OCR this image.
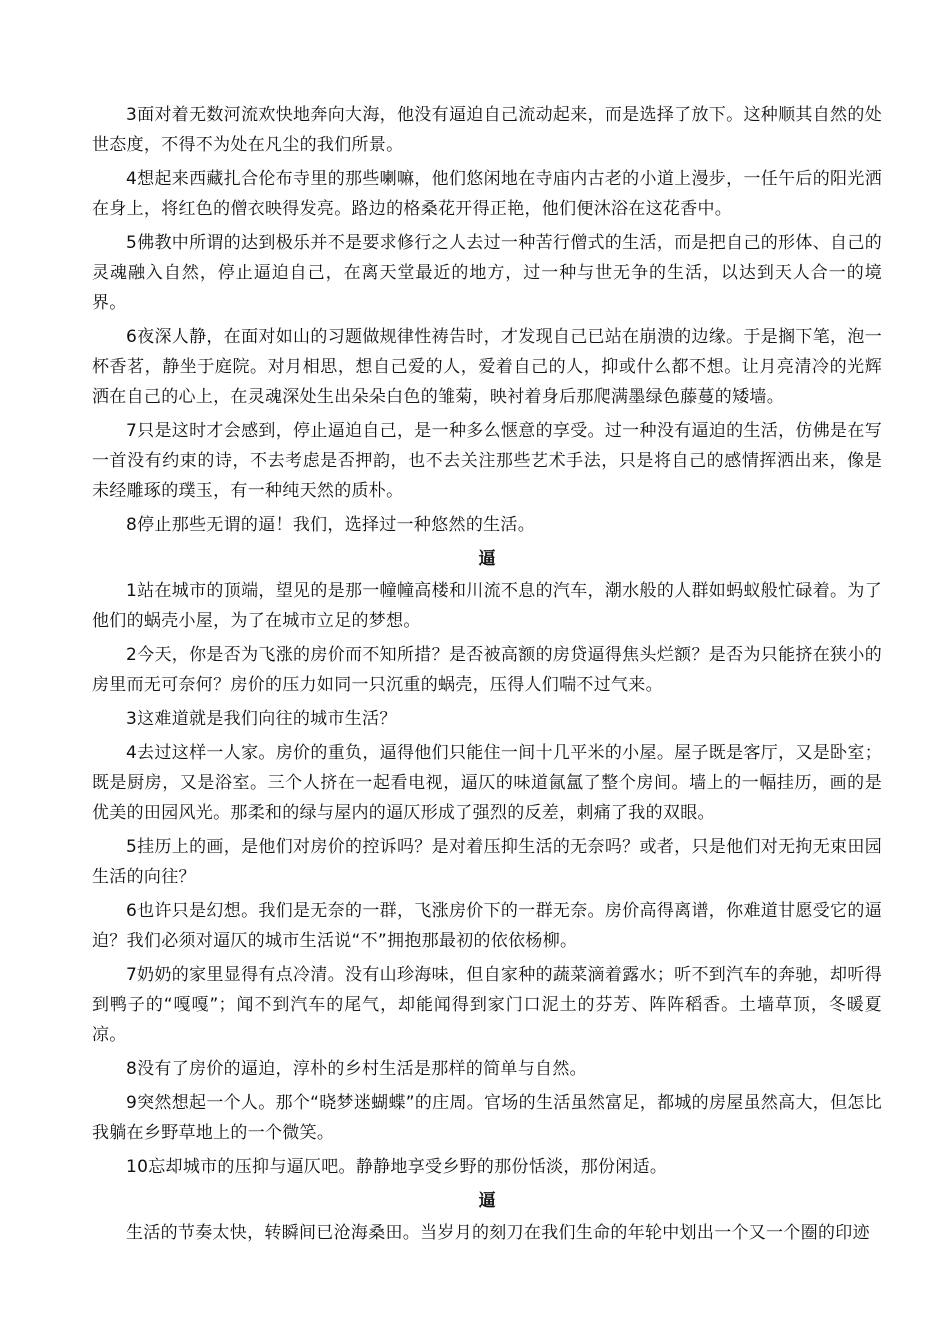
3面对着无数河流欢快地奔向大海，他没有逼迫自己流动起来，而是选择了放下。这种顺其自然的处世态度，不得不为处在凡尘的我们所景。

4想起来西藏扎合伦布寺里的那些喇嘛，他们悠闲地在寺庙内古老的小道上漫步，一任午后的阳光洒在身上，将红色的僧衣映得发亮。路边的格桑花开得正艳，他们便沐浴在这花香中。

5佛教中所谓的达到极乐并不是要求修行之人去过一种苦行僧式的生活，而是把自己的形体、自己的灵魂融入自然，停止逼迫自己，在离天堂最近的地方，过一种与世无争的生活，以达到天人合一的境界。

6夜深人静，在面对如山的习题做规律性祷告时，才发现自己已站在崩溃的边缘。于是搁下笔，泡一杯香茗，静坐于庭院。对月相思，想自己爱的人，爱着自己的人，抑或什么都不想。让月亮清冷的光辉洒在自己的心上，在灵魂深处生出朵朵白色的雏菊，映衬着身后那爬满墨绿色藤蔓的矮墙。

7只是这时才会感到，停止逼迫自己，是一种多么惬意的享受。过一种没有逼迫的生活，仿佛是在写一首没有约束的诗，不去考虑是否押韵，也不去关注那些艺术手法，只是将自己的感情挥洒出来，像是未经雕琢的璞玉，有一种纯天然的质朴。

8停止那些无谓的逼！我们，选择过一种悠然的生活。

逼

1站在城市的顶端，望见的是那一幢幢高楼和川流不息的汽车，潮水般的人群如蚂蚁般忙碌着。为了他们的蜗壳小屋，为了在城市立足的梦想。

2今天，你是否为飞涨的房价而不知所措？是否被高额的房贷逼得焦头烂额？是否为只能挤在狭小的房里而无可奈何？房价的压力如同一只沉重的蜗壳，压得人们喘不过气来。

3这难道就是我们向往的城市生活？

4去过这样一人家。房价的重负，逼得他们只能住一间十几平米的小屋。屋子既是客厅，又是卧室；既是厨房，又是浴室。三个人挤在一起看电视，逼仄的味道氤氲了整个房间。墙上的一幅挂历，画的是优美的田园风光。那柔和的绿与屋内的逼仄形成了强烈的反差，刺痛了我的双眼。

5挂历上的画，是他们对房价的控诉吗？是对着压抑生活的无奈吗？或者，只是他们对无拘无束田园生活的向往？

6也许只是幻想。我们是无奈的一群，飞涨房价下的一群无奈。房价高得离谱，你难道甘愿受它的逼迫？我们必须对逼仄的城市生活说“不”拥抱那最初的依依杨柳。

7奶奶的家里显得有点冷清。没有山珍海味，但自家种的蔬菜滴着露水；听不到汽车的奔驰，却听得到鸭子的“嘎嘎”；闻不到汽车的尾气，却能闻得到家门口泥土的芬芳、阵阵稻香。土墙草顶，冬暖夏凉。

8没有了房价的逼迫，淳朴的乡村生活是那样的简单与自然。

9突然想起一个人。那个“晓梦迷蝴蝶”的庄周。官场的生活虽然富足，都城的房屋虽然高大，但怎比我躺在乡野草地上的一个微笑。

10忘却城市的压抑与逼仄吧。静静地享受乡野的那份恬淡，那份闲适。

逼

生活的节奏太快，转瞬间已沧海桑田。当岁月的刻刀在我们生命的年轮中划出一个又一个圈的印迹
